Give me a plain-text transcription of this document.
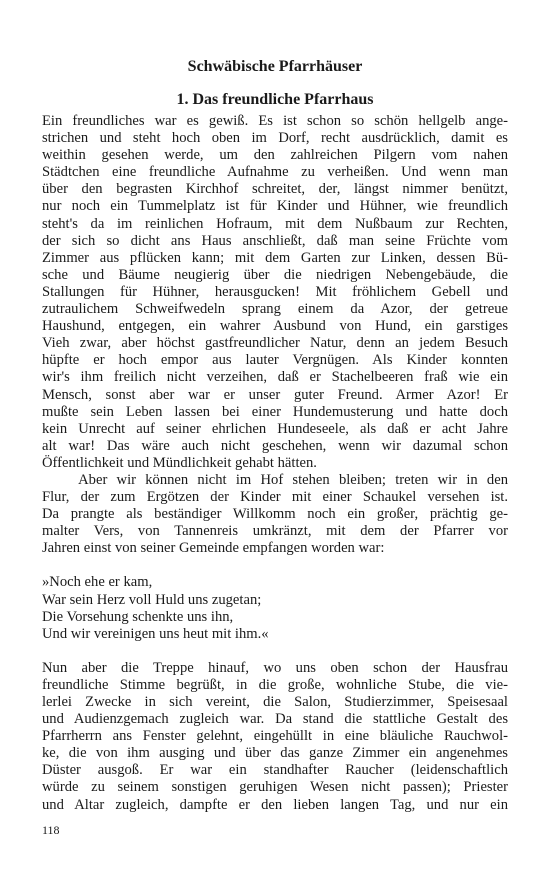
Schwäbische Pfarrhäuser

1. Das freundliche Pfarrhaus

Ein freundliches war es gewiß. Es ist schon so schön hellgelb ange-
strichen und steht hoch oben im Dorf, recht ausdrücklich, damit es
weithin gesehen werde, um den zahlreichen Pilgern vom nahen
Städtchen eine freundliche Aufnahme zu verheißen. Und wenn man
über den begrasten Kirchhof schreitet, der, längst nimmer benützt,
nur noch ein Tummelplatz ist für Kinder und Hühner, wie freundlich
steht's da im reinlichen Hofraum, mit dem Nußbaum zur Rechten,
der sich so dicht ans Haus anschließt, daß man seine Früchte vom
Zimmer aus pflücken kann; mit dem Garten zur Linken, dessen Bü-
sche und Bäume neugierig über die niedrigen Nebengebäude, die
Stallungen für Hühner, herausgucken! Mit fröhlichem Gebell und
zutraulichem Schweifwedeln sprang einem da Azor, der getreue
Haushund, entgegen, ein wahrer Ausbund von Hund, ein garstiges
Vieh zwar, aber höchst gastfreundlicher Natur, denn an jedem Besuch
hüpfte er hoch empor aus lauter Vergnügen. Als Kinder konnten
wir's ihm freilich nicht verzeihen, daß er Stachelbeeren fraß wie ein
Mensch, sonst aber war er unser guter Freund. Armer Azor! Er
mußte sein Leben lassen bei einer Hundemusterung und hatte doch
kein Unrecht auf seiner ehrlichen Hundeseele, als daß er acht Jahre
alt war! Das wäre auch nicht geschehen, wenn wir dazumal schon
Öffentlichkeit und Mündlichkeit gehabt hätten.
Aber wir können nicht im Hof stehen bleiben; treten wir in den
Flur, der zum Ergötzen der Kinder mit einer Schaukel versehen ist.
Da prangte als beständiger Willkomm noch ein großer, prächtig ge-
malter Vers, von Tannenreis umkränzt, mit dem der Pfarrer vor
Jahren einst von seiner Gemeinde empfangen worden war:
»Noch ehe er kam,
War sein Herz voll Huld uns zugetan;
Die Vorsehung schenkte uns ihn,
Und wir vereinigen uns heut mit ihm.«
Nun aber die Treppe hinauf, wo uns oben schon der Hausfrau
freundliche Stimme begrüßt, in die große, wohnliche Stube, die vie-
lerlei Zwecke in sich vereint, die Salon, Studierzimmer, Speisesaal
und Audienzgemach zugleich war. Da stand die stattliche Gestalt des
Pfarrherrn ans Fenster gelehnt, eingehüllt in eine bläuliche Rauchwol-
ke, die von ihm ausging und über das ganze Zimmer ein angenehmes
Düster ausgoß. Er war ein standhafter Raucher (leidenschaftlich
würde zu seinem sonstigen geruhigen Wesen nicht passen); Priester
und Altar zugleich, dampfte er den lieben langen Tag, und nur ein
118
